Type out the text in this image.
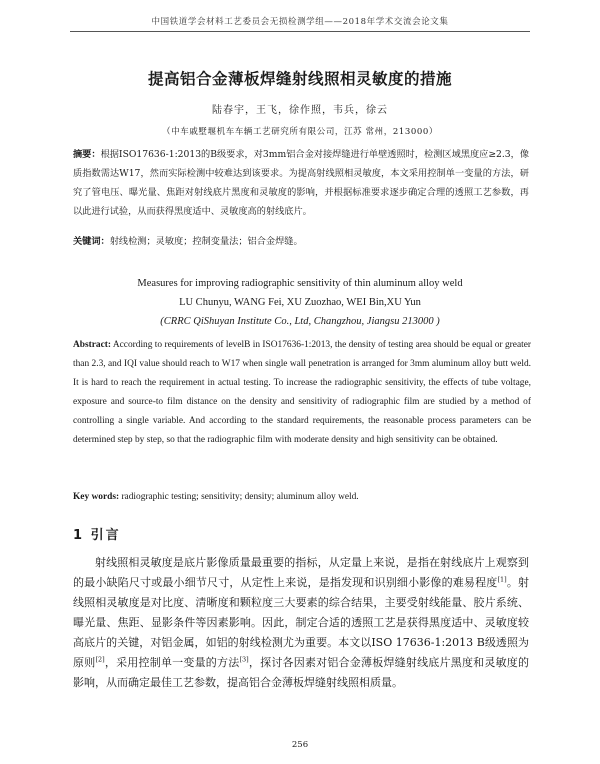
中国铁道学会材料工艺委员会无损检测学组——2018年学术交流会论文集
提高铝合金薄板焊缝射线照相灵敏度的措施
陆春宇，王飞，徐作照，韦兵，徐云
（中车戚墅堰机车车辆工艺研究所有限公司，江苏 常州，213000）

摘要：根据ISO17636-1:2013的B级要求，对3mm铝合金对接焊缝进行单壁透照时，检测区域黑度应≥2.3，像质指数需达W17，然而实际检测中较难达到该要求。为提高射线照相灵敏度，本文采用控制单一变量的方法，研究了管电压、曝光量、焦距对射线底片黑度和灵敏度的影响，并根据标准要求逐步确定合理的透照工艺参数，再以此进行试验，从而获得黑度适中、灵敏度高的射线底片。

关键词：射线检测；灵敏度；控制变量法；铝合金焊缝。

Measures for improving radiographic sensitivity of thin aluminum alloy weld
LU Chunyu, WANG Fei, XU Zuozhao, WEI Bin,XU Yun
(CRRC QiShuyan Institute Co., Ltd, Changzhou, Jiangsu 213000 )

Abstract: According to requirements of levelB in ISO17636-1:2013, the density of testing area should be equal or greater than 2.3, and IQI value should reach to W17 when single wall penetration is arranged for 3mm aluminum alloy butt weld. It is hard to reach the requirement in actual testing. To increase the radiographic sensitivity, the effects of tube voltage, exposure and source-to film distance on the density and sensitivity of radiographic film are studied by a method of controlling a single variable. And according to the standard requirements, the reasonable process parameters can be determined step by step, so that the radiographic film with moderate density and high sensitivity can be obtained.

Key words: radiographic testing; sensitivity; density; aluminum alloy weld.

1 引言

射线照相灵敏度是底片影像质量最重要的指标，从定量上来说，是指在射线底片上观察到的最小缺陷尺寸或最小细节尺寸，从定性上来说，是指发现和识别细小影像的难易程度[1]。射线照相灵敏度是对比度、清晰度和颗粒度三大要素的综合结果，主要受射线能量、胶片系统、曝光量、焦距、显影条件等因素影响。因此，制定合适的透照工艺是获得黑度适中、灵敏度较高底片的关键，对铝金属，如铝的射线检测尤为重要。本文以ISO 17636-1:2013 B级透照为原则[2]，采用控制单一变量的方法[3]，探讨各因素对铝合金薄板焊缝射线底片黑度和灵敏度的影响，从而确定最佳工艺参数，提高铝合金薄板焊缝射线照相质量。

256
